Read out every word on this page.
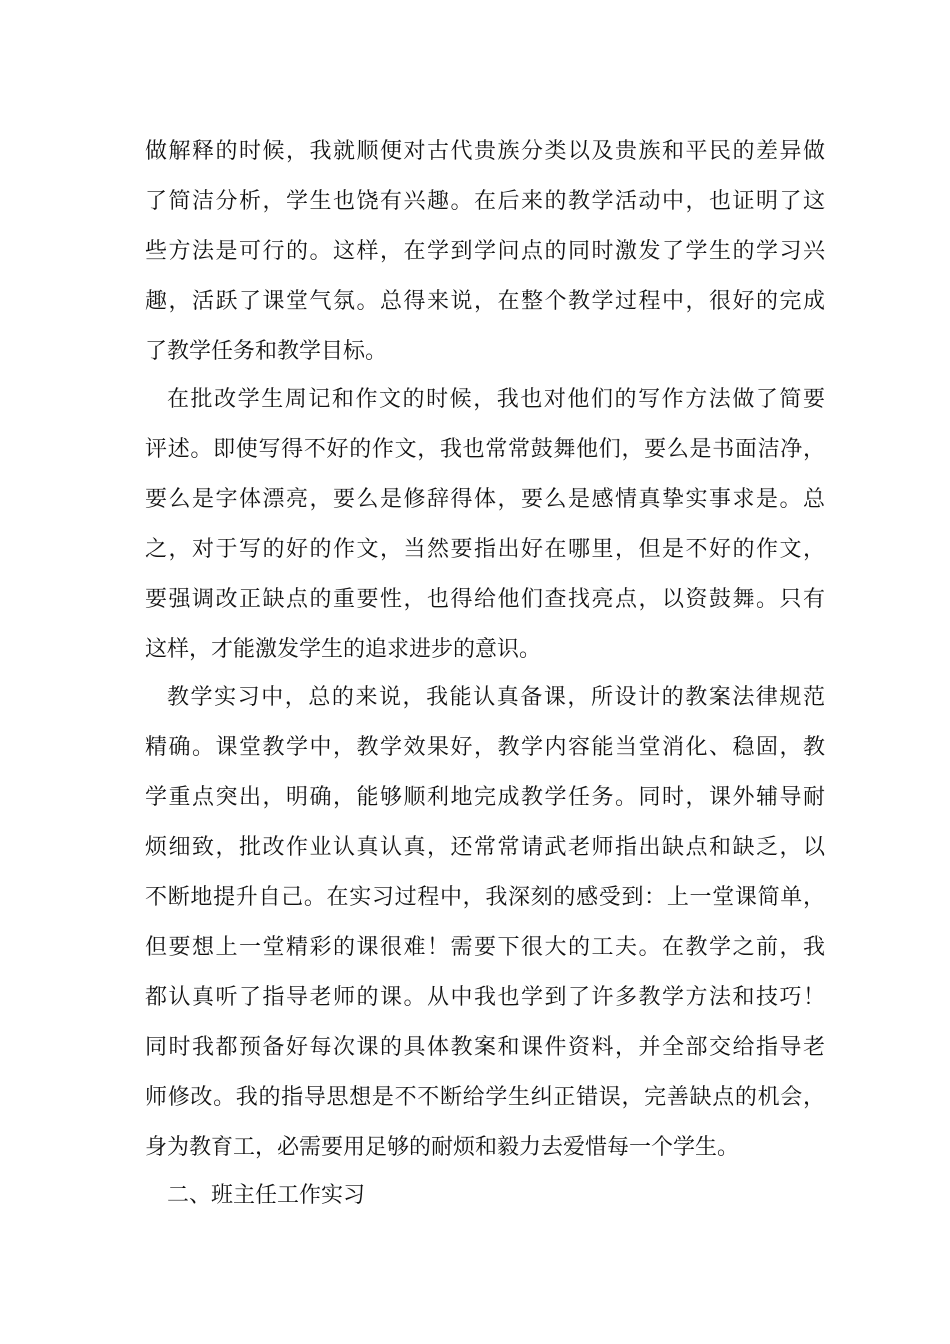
做解释的时候，我就顺便对古代贵族分类以及贵族和平民的差异做
了简洁分析，学生也饶有兴趣。在后来的教学活动中，也证明了这
些方法是可行的。这样，在学到学问点的同时激发了学生的学习兴
趣，活跃了课堂气氛。总得来说，在整个教学过程中，很好的完成
了教学任务和教学目标。
在批改学生周记和作文的时候，我也对他们的写作方法做了简要
评述。即使写得不好的作文，我也常常鼓舞他们，要么是书面洁净，
要么是字体漂亮，要么是修辞得体，要么是感情真挚实事求是。总
之，对于写的好的作文，当然要指出好在哪里，但是不好的作文，
要强调改正缺点的重要性，也得给他们查找亮点，以资鼓舞。只有
这样，才能激发学生的追求进步的意识。
教学实习中，总的来说，我能认真备课，所设计的教案法律规范
精确。课堂教学中，教学效果好，教学内容能当堂消化、稳固，教
学重点突出，明确，能够顺利地完成教学任务。同时，课外辅导耐
烦细致，批改作业认真认真，还常常请武老师指出缺点和缺乏，以
不断地提升自己。在实习过程中，我深刻的感受到：上一堂课简单，
但要想上一堂精彩的课很难！需要下很大的工夫。在教学之前，我
都认真听了指导老师的课。从中我也学到了许多教学方法和技巧！
同时我都预备好每次课的具体教案和课件资料，并全部交给指导老
师修改。我的指导思想是不不断给学生纠正错误，完善缺点的机会，
身为教育工，必需要用足够的耐烦和毅力去爱惜每一个学生。
二、班主任工作实习
